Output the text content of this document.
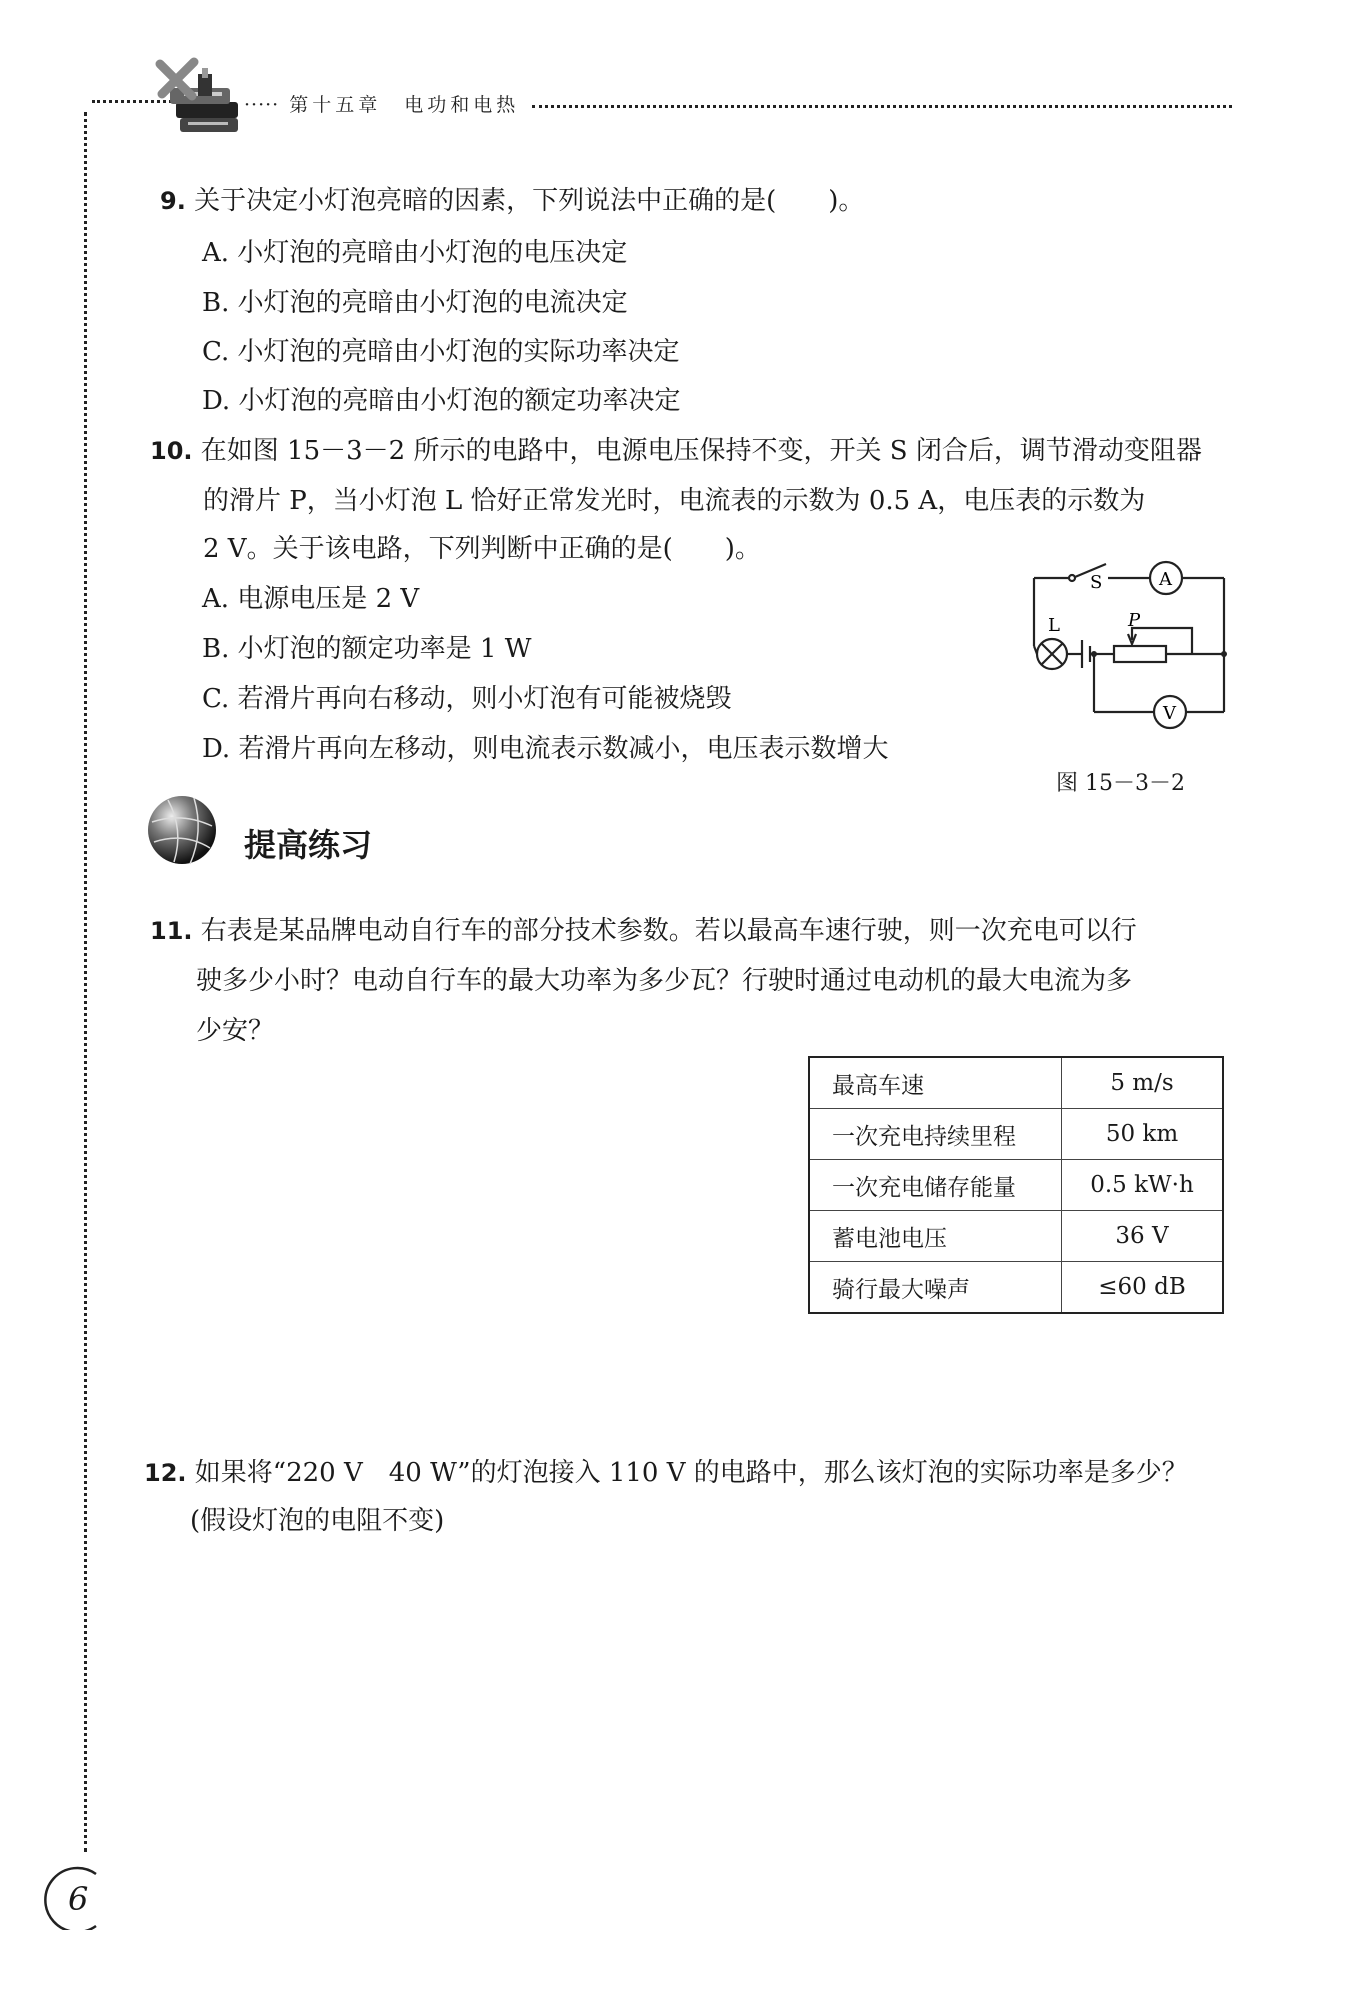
····· 第十五章　电功和电热
9. 关于决定小灯泡亮暗的因素，下列说法中正确的是(　　)。
A. 小灯泡的亮暗由小灯泡的电压决定
B. 小灯泡的亮暗由小灯泡的电流决定
C. 小灯泡的亮暗由小灯泡的实际功率决定
D. 小灯泡的亮暗由小灯泡的额定功率决定
10. 在如图 15－3－2 所示的电路中，电源电压保持不变，开关 S 闭合后，调节滑动变阻器
的滑片 P，当小灯泡 L 恰好正常发光时，电流表的示数为 0.5 A，电压表的示数为
2 V。关于该电路，下列判断中正确的是(　　)。
A. 电源电压是 2 V
B. 小灯泡的额定功率是 1 W
C. 若滑片再向右移动，则小灯泡有可能被烧毁
D. 若滑片再向左移动，则电流表示数减小，电压表示数增大
S	A
L	P
V
图 15－3－2
提高练习
11. 右表是某品牌电动自行车的部分技术参数。若以最高车速行驶，则一次充电可以行
驶多少小时？电动自行车的最大功率为多少瓦？行驶时通过电动机的最大电流为多
少安？
最高车速	5 m/s
一次充电持续里程	50 km
一次充电储存能量	0.5 kW·h
蓄电池电压	36 V
骑行最大噪声	≤60 dB
12. 如果将“220 V　40 W”的灯泡接入 110 V 的电路中，那么该灯泡的实际功率是多少？
(假设灯泡的电阻不变)
6
